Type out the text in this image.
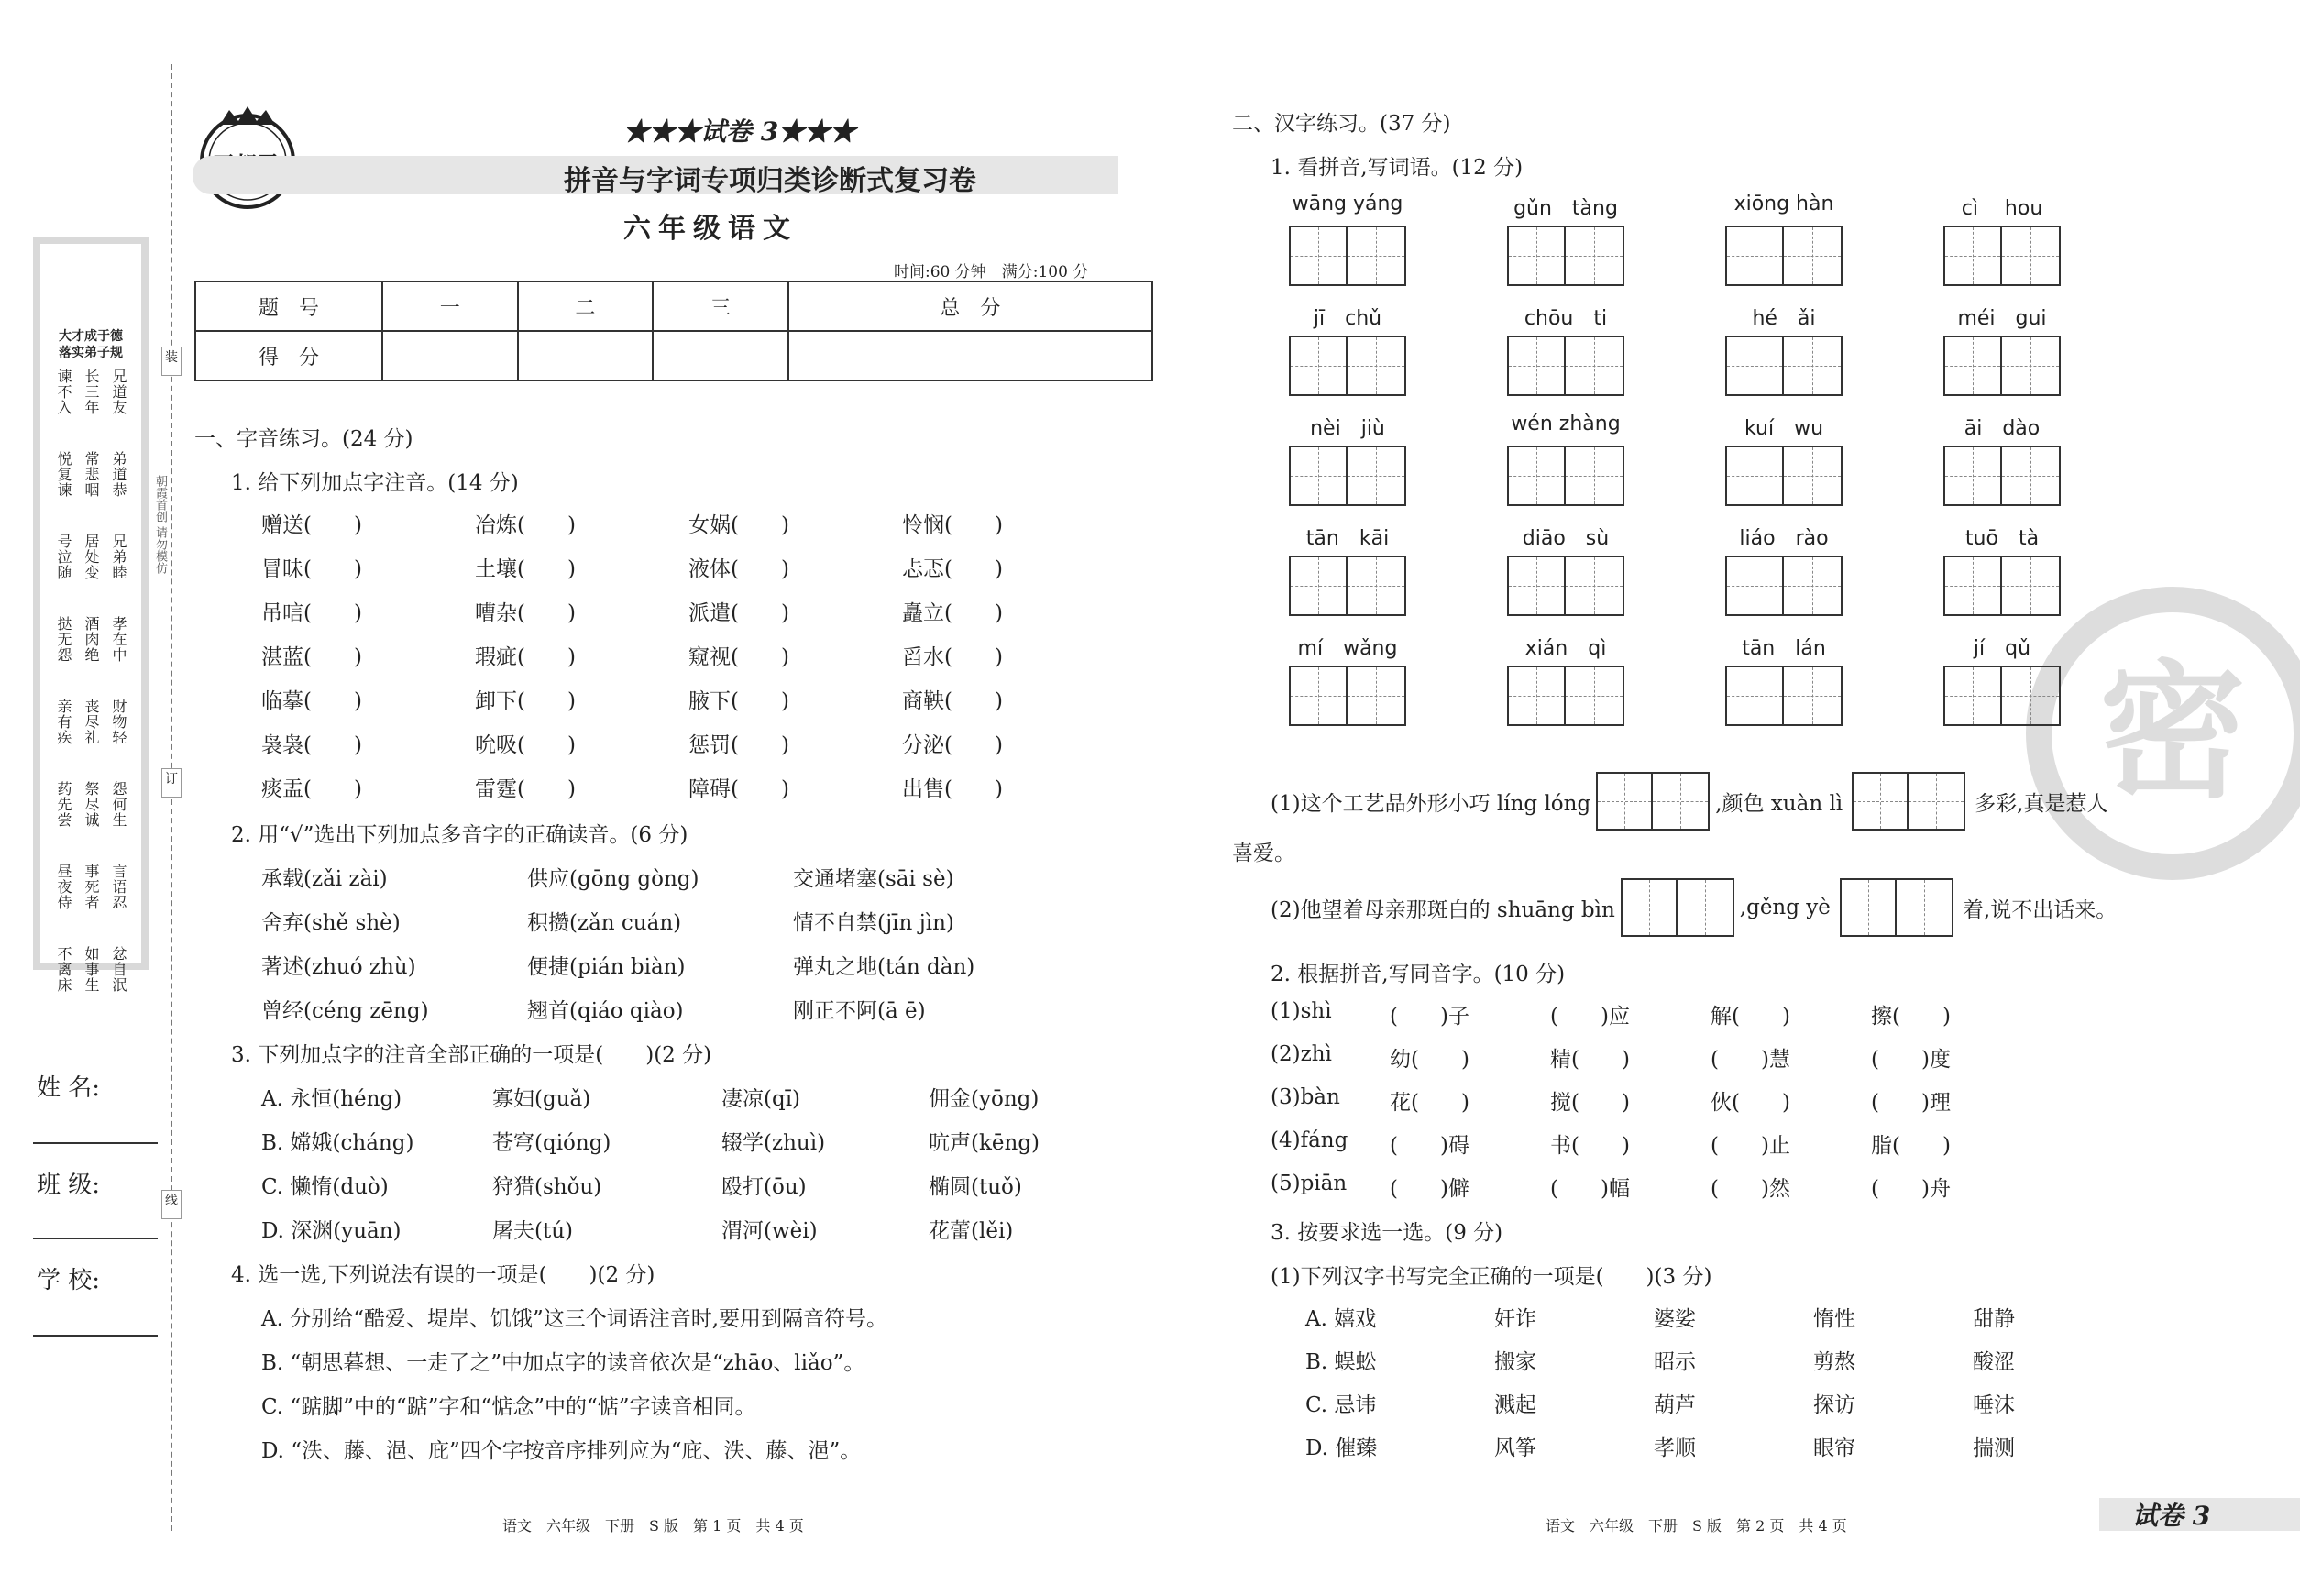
大才成于德
落实弟子规
兄道友
长三年
谏不入
弟道恭
常悲咽
悦复谏
兄弟睦
居处变
号泣随
孝在中
酒肉绝
挞无怨
财物轻
丧尽礼
亲有疾
怨何生
祭尽诚
药先尝
言语忍
事死者
昼夜侍
忿自泯
如事生
不离床
装
订
线
朝霞首创 请勿模仿
姓 名:
班 级:
学 校:
★★★试卷 3★★★
拼音与字词专项归类诊断式复习卷
六年级语文
时间:60 分钟　满分:100 分
题　号	一	二	三	总　分
得　分				
一、字音练习。(24 分)
1. 给下列加点字注音。(14 分)
赠送(　　)	冶炼(　　)	女娲(　　)	怜悯(　　)
冒昧(　　)	土壤(　　)	液体(　　)	忐忑(　　)
吊唁(　　)	嘈杂(　　)	派遣(　　)	矗立(　　)
湛蓝(　　)	瑕疵(　　)	窥视(　　)	舀水(　　)
临摹(　　)	卸下(　　)	腋下(　　)	商鞅(　　)
袅袅(　　)	吮吸(　　)	惩罚(　　)	分泌(　　)
痰盂(　　)	雷霆(　　)	障碍(　　)	出售(　　)
2. 用“√”选出下列加点多音字的正确读音。(6 分)
承载(zǎi zài)	供应(gōng gòng)	交通堵塞(sāi sè)
舍弃(shě shè)	积攒(zǎn cuán)	情不自禁(jīn jìn)
著述(zhuó zhù)	便捷(pián biàn)	弹丸之地(tán dàn)
曾经(céng zēng)	翘首(qiáo qiào)	刚正不阿(ā ē)
3. 下列加点字的注音全部正确的一项是(　　)(2 分)
A. 永恒(héng)	寡妇(guǎ)	凄凉(qī)	佣金(yōng)
B. 嫦娥(cháng)	苍穹(qióng)	辍学(zhuì)	吭声(kēng)
C. 懒惰(duò)	狩猎(shǒu)	殴打(ōu)	椭圆(tuǒ)
D. 深渊(yuān)	屠夫(tú)	渭河(wèi)	花蕾(lěi)
4. 选一选,下列说法有误的一项是(　　)(2 分)
A. 分别给“酷爱、堤岸、饥饿”这三个词语注音时,要用到隔音符号。
B. “朝思暮想、一走了之”中加点字的读音依次是“zhāo、liǎo”。
C. “踮脚”中的“踮”字和“惦念”中的“惦”字读音相同。
D. “泆、藤、浥、庇”四个字按音序排列应为“庇、泆、藤、浥”。
语文　六年级　下册　S 版　第 1 页　共 4 页
密
二、汉字练习。(37 分)
1. 看拼音,写词语。(12 分)
wāng yáng	gǔn　tàng	xiōng hàn	cì　 hou
jī　chǔ	chōu　ti	hé　ǎi	méi　gui
nèi　jiù	wén zhàng	kuí　wu	āi　dào
tān　kāi	diāo　sù	liáo　rào	tuō　tà
mí　wǎng	xián　qì	tān　lán	jí　qǔ
(1)这个工艺品外形小巧 líng lóng	,颜色 xuàn lì	多彩,真是惹人
喜爱。
(2)他望着母亲那斑白的 shuāng bìn	,gěng yè	着,说不出话来。
2. 根据拼音,写同音字。(10 分)
(1)shì	(　　)子	(　　)应	解(　　)	擦(　　)
(2)zhì	幼(　　)	精(　　)	(　　)慧	(　　)度
(3)bàn	花(　　)	搅(　　)	伙(　　)	(　　)理
(4)fáng	(　　)碍	书(　　)	(　　)止	脂(　　)
(5)piān	(　　)僻	(　　)幅	(　　)然	(　　)舟
3. 按要求选一选。(9 分)
(1)下列汉字书写完全正确的一项是(　　)(3 分)
A. 嬉戏	奸诈	婆娑	惰性	甜静
B. 蜈蚣	搬家	昭示	剪熬	酸涩
C. 忌讳	溅起	葫芦	探访	唾沫
D. 催臻	风筝	孝顺	眼帘	揣测
语文　六年级　下册　S 版　第 2 页　共 4 页	试卷 3
